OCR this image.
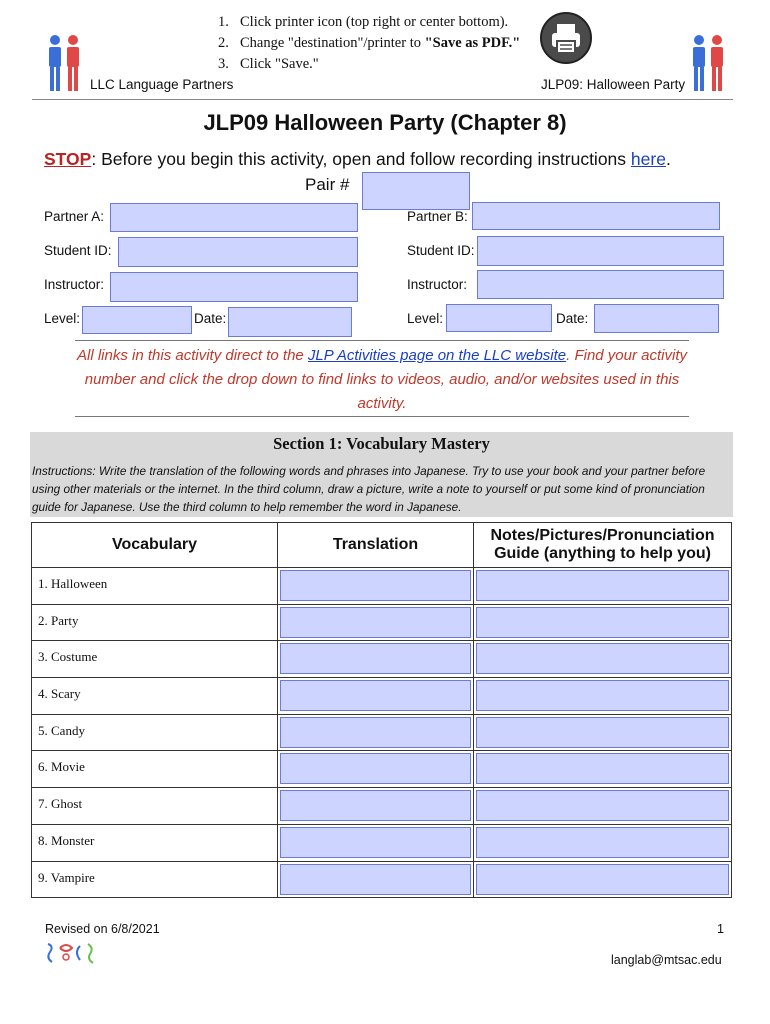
1. Click printer icon (top right or center bottom).
2. Change "destination"/printer to "Save as PDF."
3. Click "Save."
LLC Language Partners	JLP09: Halloween Party
JLP09 Halloween Party (Chapter 8)
STOP: Before you begin this activity, open and follow recording instructions here.
Pair #
Partner A:
Student ID:
Instructor:
Level:	Date:
Partner B:
Student ID:
Instructor:
Level:	Date:
All links in this activity direct to the JLP Activities page on the LLC website. Find your activity number and click the drop down to find links to videos, audio, and/or websites used in this activity.
Section 1: Vocabulary Mastery

Instructions: Write the translation of the following words and phrases into Japanese. Try to use your book and your partner before using other materials or the internet. In the third column, draw a picture, write a note to yourself or put some kind of pronunciation guide for Japanese. Use the third column to help remember the word in Japanese.

Vocabulary	Translation	Notes/Pictures/Pronunciation Guide (anything to help you)
1. Halloween	

2. Party	

3. Costume	

4. Scary	

5. Candy	

6. Movie	

7. Ghost	

8. Monster	

9. Vampire	

Revised on 6/8/2021	1
langlab@mtsac.edu
